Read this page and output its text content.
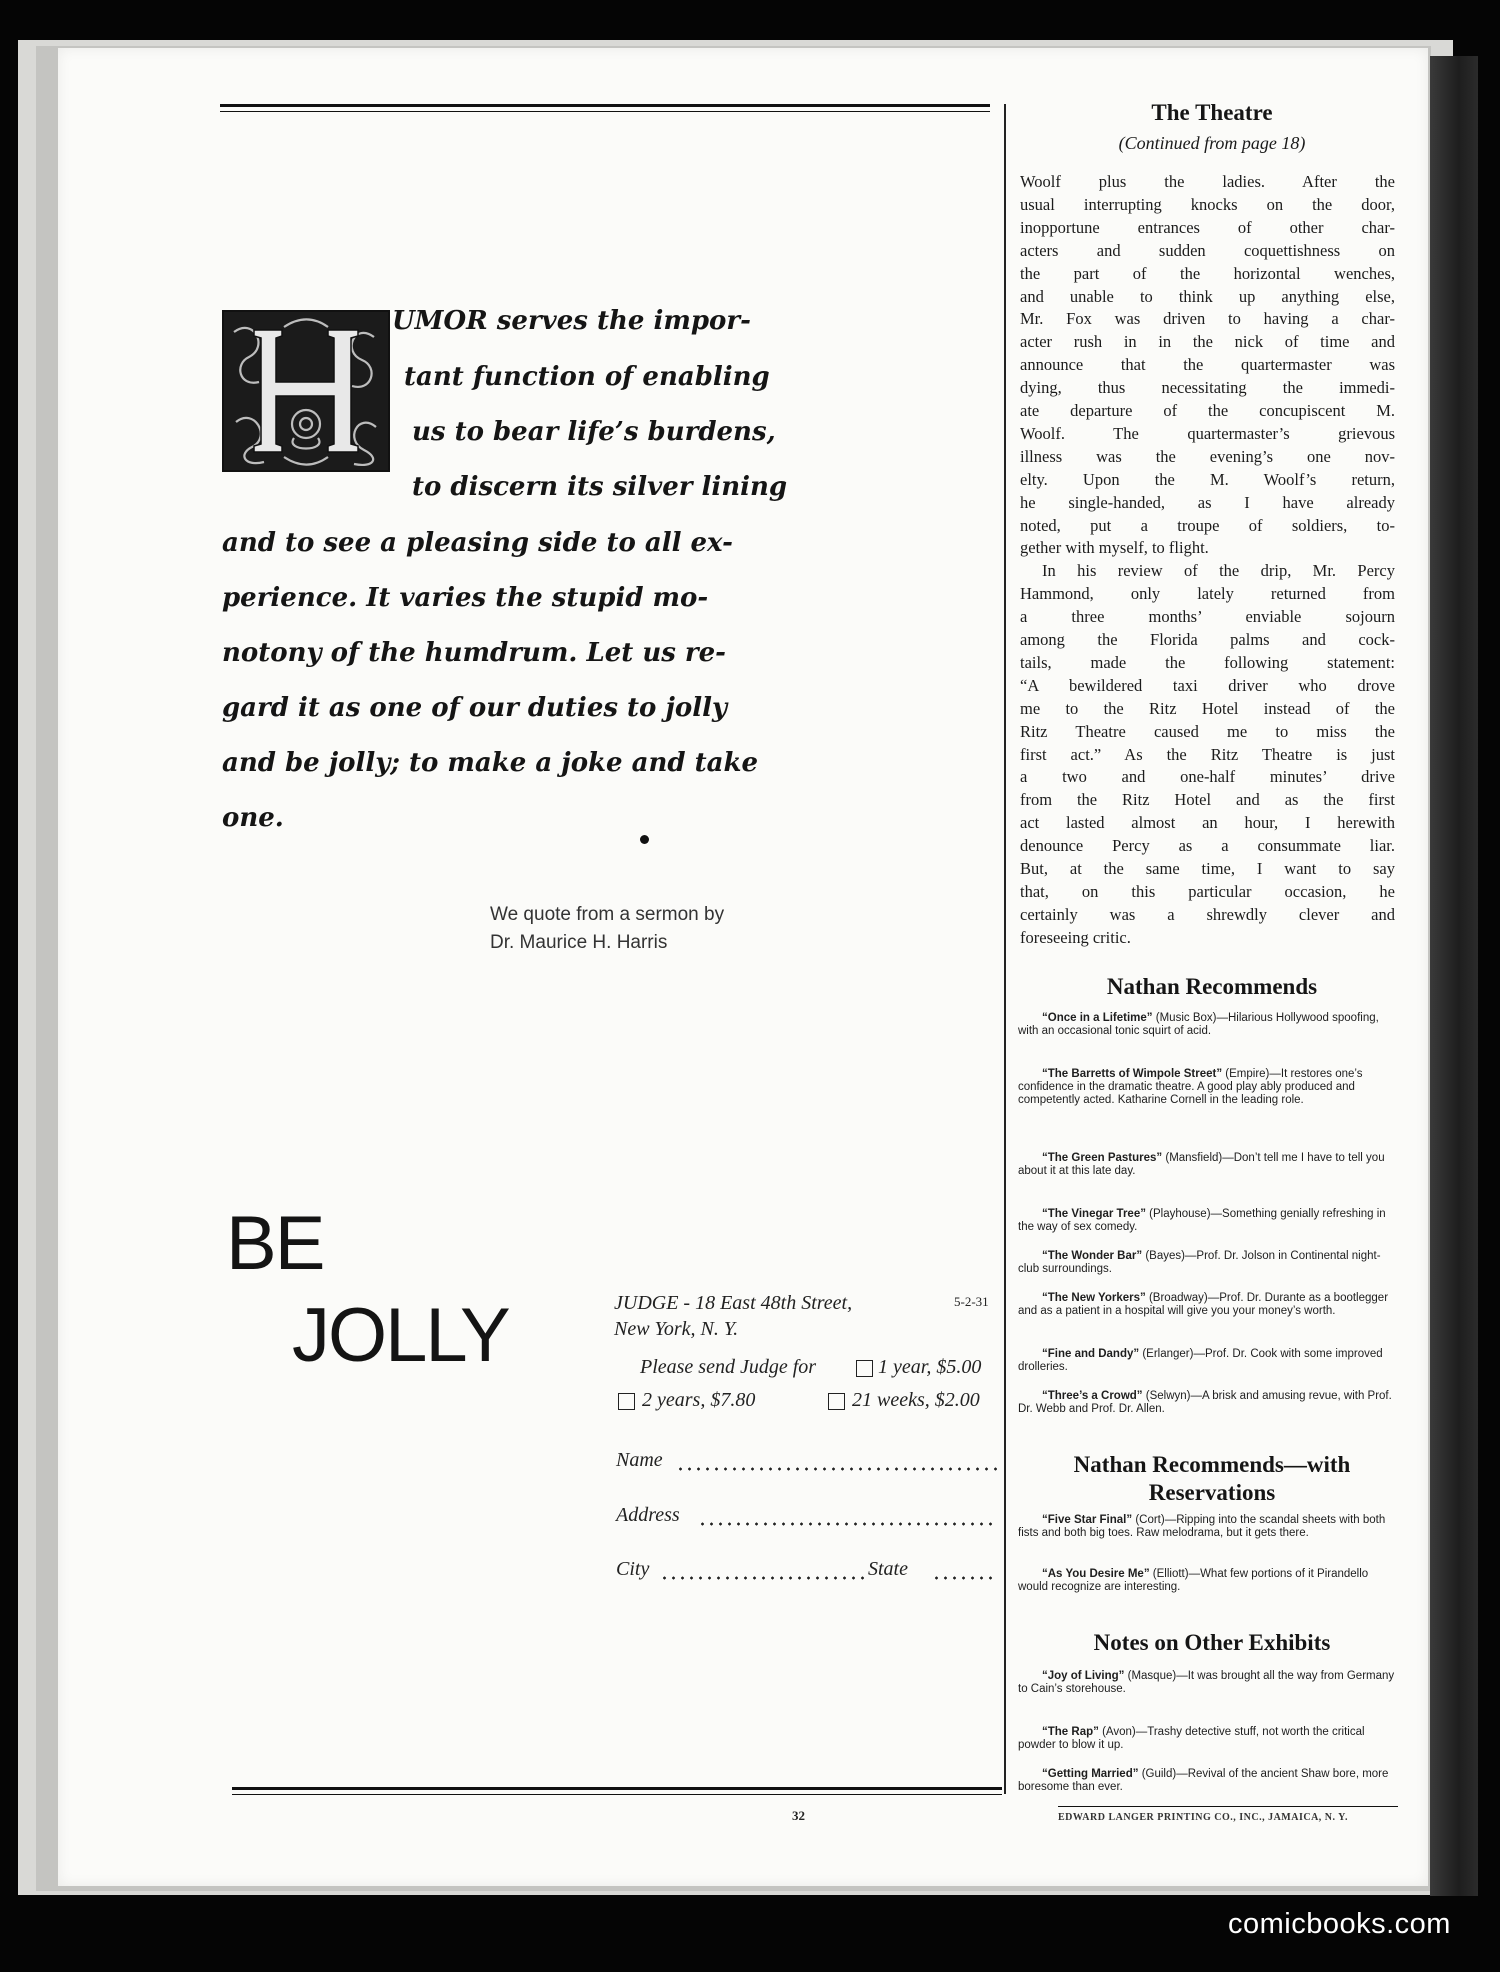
UMOR serves the impor-
tant function of enabling
us to bear life’s burdens,
to discern its silver lining
and to see a pleasing side to all ex-
perience. It varies the stupid mo-
notony of the humdrum. Let us re-
gard it as one of our duties to jolly
and be jolly; to make a joke and take
one.
We quote from a sermon by
Dr. Maurice H. Harris
BE
JOLLY	JUDGE - 18 East 48th Street,	5-2-31
New York, N. Y.
Please send Judge for	1 year, $5.00
2 years, $7.80	21 weeks, $2.00
Name
Address
City	State
The Theatre
(Continued from page 18)
Woolf plus the ladies. After the
usual interrupting knocks on the door,
inopportune entrances of other char-
acters and sudden coquettishness on
the part of the horizontal wenches,
and unable to think up anything else,
Mr. Fox was driven to having a char-
acter rush in in the nick of time and
announce that the quartermaster was
dying, thus necessitating the immedi-
ate departure of the concupiscent M.
Woolf. The quartermaster’s grievous
illness was the evening’s one nov-
elty. Upon the M. Woolf’s return,
he single-handed, as I have already
noted, put a troupe of soldiers, to-
gether with myself, to flight.
In his review of the drip, Mr. Percy
Hammond, only lately returned from
a three months’ enviable sojourn
among the Florida palms and cock-
tails, made the following statement:
“A bewildered taxi driver who drove
me to the Ritz Hotel instead of the
Ritz Theatre caused me to miss the
first act.” As the Ritz Theatre is just
a two and one-half minutes’ drive
from the Ritz Hotel and as the first
act lasted almost an hour, I herewith
denounce Percy as a consummate liar.
But, at the same time, I want to say
that, on this particular occasion, he
certainly was a shrewdly clever and
foreseeing critic.
Nathan Recommends

“Once in a Lifetime” (Music Box)—Hilarious Hollywood spoofing, with an occasional tonic squirt of acid.

“The Barretts of Wimpole Street” (Empire)—It restores one’s confidence in the dramatic theatre. A good play ably produced and competently acted. Katharine Cornell in the leading role.

“The Green Pastures” (Mansfield)—Don’t tell me I have to tell you about it at this late day.

“The Vinegar Tree” (Playhouse)—Something genially refreshing in the way of sex comedy.

“The Wonder Bar” (Bayes)—Prof. Dr. Jolson in Continental night-club surroundings.

“The New Yorkers” (Broadway)—Prof. Dr. Durante as a bootlegger and as a patient in a hospital will give you your money’s worth.

“Fine and Dandy” (Erlanger)—Prof. Dr. Cook with some improved drolleries.

“Three’s a Crowd” (Selwyn)—A brisk and amusing revue, with Prof. Dr. Webb and Prof. Dr. Allen.

Nathan Recommends—with
Reservations

“Five Star Final” (Cort)—Ripping into the scandal sheets with both fists and both big toes. Raw melodrama, but it gets there.

“As You Desire Me” (Elliott)—What few portions of it Pirandello would recognize are interesting.

Notes on Other Exhibits

“Joy of Living” (Masque)—It was brought all the way from Germany to Cain’s storehouse.

“The Rap” (Avon)—Trashy detective stuff, not worth the critical powder to blow it up.

“Getting Married” (Guild)—Revival of the ancient Shaw bore, more boresome than ever.

32	EDWARD LANGER PRINTING CO., INC., JAMAICA, N. Y.
comicbooks.com
